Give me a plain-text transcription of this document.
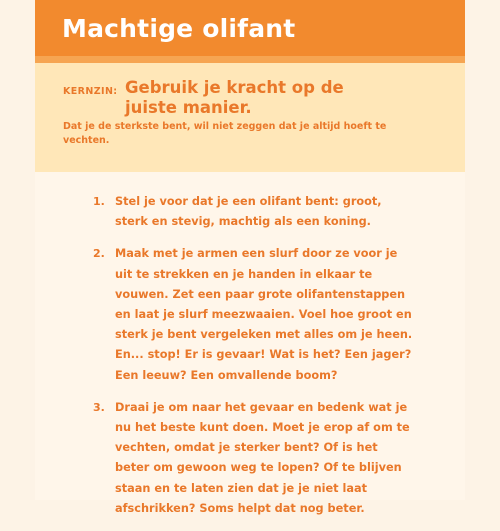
Machtige olifant
KERNZIN: Gebruik je kracht op de juiste manier.
Dat je de sterkste bent, wil niet zeggen dat je altijd hoeft te vechten.
1. Stel je voor dat je een olifant bent: groot, sterk en stevig, machtig als een koning.
2. Maak met je armen een slurf door ze voor je uit te strekken en je handen in elkaar te vouwen. Zet een paar grote olifantenstappen en laat je slurf meezwaaien. Voel hoe groot en sterk je bent vergeleken met alles om je heen. En... stop! Er is gevaar! Wat is het? Een jager? Een leeuw? Een omvallende boom?
3. Draai je om naar het gevaar en bedenk wat je nu het beste kunt doen. Moet je erop af om te vechten, omdat je sterker bent? Of is het beter om gewoon weg te lopen? Of te blijven staan en te laten zien dat je je niet laat afschrikken? Soms helpt dat nog beter.
